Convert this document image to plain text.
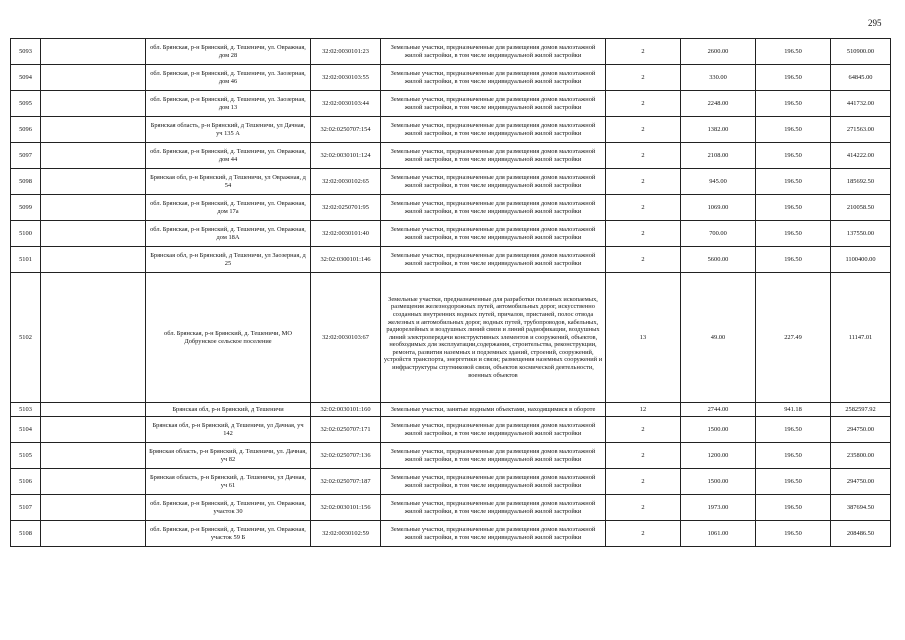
295
5093		обл. Брянская, р-н Брянский, д. Тешеничи, ул. Овражная, дом 28	32:02:0030101:23	Земельные участки, предназначенные для размещения домов малоэтажной жилой застройки, в том числе индивидуальной жилой застройки	2	2600.00	196.50	510900.00
5094		обл. Брянская, р-н Брянский, д. Тешеничи, ул. Заозерная, дом 46	32:02:0030103:55	Земельные участки, предназначенные для размещения домов малоэтажной жилой застройки, в том числе индивидуальной жилой застройки	2	330.00	196.50	64845.00
5095		обл. Брянская, р-н Брянский, д. Тешеничи, ул. Заозерная, дом 13	32:02:0030103:44	Земельные участки, предназначенные для размещения домов малоэтажной жилой застройки, в том числе индивидуальной жилой застройки	2	2248.00	196.50	441732.00
5096		Брянская область, р-н Брянский, д Тешеничи, ул Дачная, уч 135 А	32:02:0250707:154	Земельные участки, предназначенные для размещения домов малоэтажной жилой застройки, в том числе индивидуальной жилой застройки	2	1382.00	196.50	271563.00
5097		обл. Брянская, р-н Брянский, д. Тешеничи, ул. Овражная, дом 44	32:02:0030101:124	Земельные участки, предназначенные для размещения домов малоэтажной жилой застройки, в том числе индивидуальной жилой застройки	2	2108.00	196.50	414222.00
5098		Брянская обл, р-н Брянский, д Тешеничи, ул Овражная, д 54	32:02:0030102:65	Земельные участки, предназначенные для размещения домов малоэтажной жилой застройки, в том числе индивидуальной жилой застройки	2	945.00	196.50	185692.50
5099		обл. Брянская, р-н Брянский, д. Тешеничи, ул. Овражная, дом 17а	32:02:0250701:95	Земельные участки, предназначенные для размещения домов малоэтажной жилой застройки, в том числе индивидуальной жилой застройки	2	1069.00	196.50	210058.50
5100		обл. Брянская, р-н Брянский, д. Тешеничи, ул. Овражная, дом 18А	32:02:0030101:40	Земельные участки, предназначенные для размещения домов малоэтажной жилой застройки, в том числе индивидуальной жилой застройки	2	700.00	196.50	137550.00
5101		Брянская обл, р-н Брянский, д Тешеничи, ул Заозерная, д 25	32:02:0300101:146	Земельные участки, предназначенные для размещения домов малоэтажной жилой застройки, в том числе индивидуальной жилой застройки	2	5600.00	196.50	1100400.00
5102		обл. Брянская, р-н Брянский, д. Тешеничи, МО Добрунское сельское поселение	32:02:0030103:67	Земельные участки, предназначенные для разработки полезных ископаемых, размещения железнодорожных путей, автомобильных дорог, искусственно созданных внутренних водных путей, причалов, пристаней, полос отвода железных и автомобильных дорог, водных путей, трубопроводов, кабельных, радиорелейных и воздушных линий связи и линий радиофикации, воздушных линий электропередачи конструктивных элементов и сооружений, объектов, необходимых для эксплуатации,содержания, строительства, реконструкции, ремонта, развития наземных и подземных зданий, строений, сооружений, устройств транспорта, энергетики и связи; размещения наземных сооружений и инфраструктуры спутниковой связи, объектов космической деятельности, военных объектов	13	49.00	227.49	11147.01
5103		Брянская обл, р-н Брянский, д Тешеничи	32:02:0030101:160	Земельные участки, занятые водными объектами, находящимися в обороте	12	2744.00	941.18	2582597.92
5104		Брянская обл, р-н Брянский, д Тешеничи, ул Дачная, уч 142	32:02:0250707:171	Земельные участки, предназначенные для размещения домов малоэтажной жилой застройки, в том числе индивидуальной жилой застройки	2	1500.00	196.50	294750.00
5105		Брянская область, р-н Брянский, д. Тешеничи, ул. Дачная, уч 82	32:02:0250707:136	Земельные участки, предназначенные для размещения домов малоэтажной жилой застройки, в том числе индивидуальной жилой застройки	2	1200.00	196.50	235800.00
5106		Брянская область, р-н Брянский, д. Тешеничи, ул Дачная, уч 61	32:02:0250707:187	Земельные участки, предназначенные для размещения домов малоэтажной жилой застройки, в том числе индивидуальной жилой застройки	2	1500.00	196.50	294750.00
5107		обл. Брянская, р-н Брянский, д. Тешеничи, ул. Овражная, участок 30	32:02:0030101:156	Земельные участки, предназначенные для размещения домов малоэтажной жилой застройки, в том числе индивидуальной жилой застройки	2	1973.00	196.50	387694.50
5108		обл. Брянская, р-н Брянский, д. Тешеничи, ул. Овражная, участок 59 Б	32:02:0030102:59	Земельные участки, предназначенные для размещения домов малоэтажной жилой застройки, в том числе индивидуальной жилой застройки	2	1061.00	196.50	208486.50
